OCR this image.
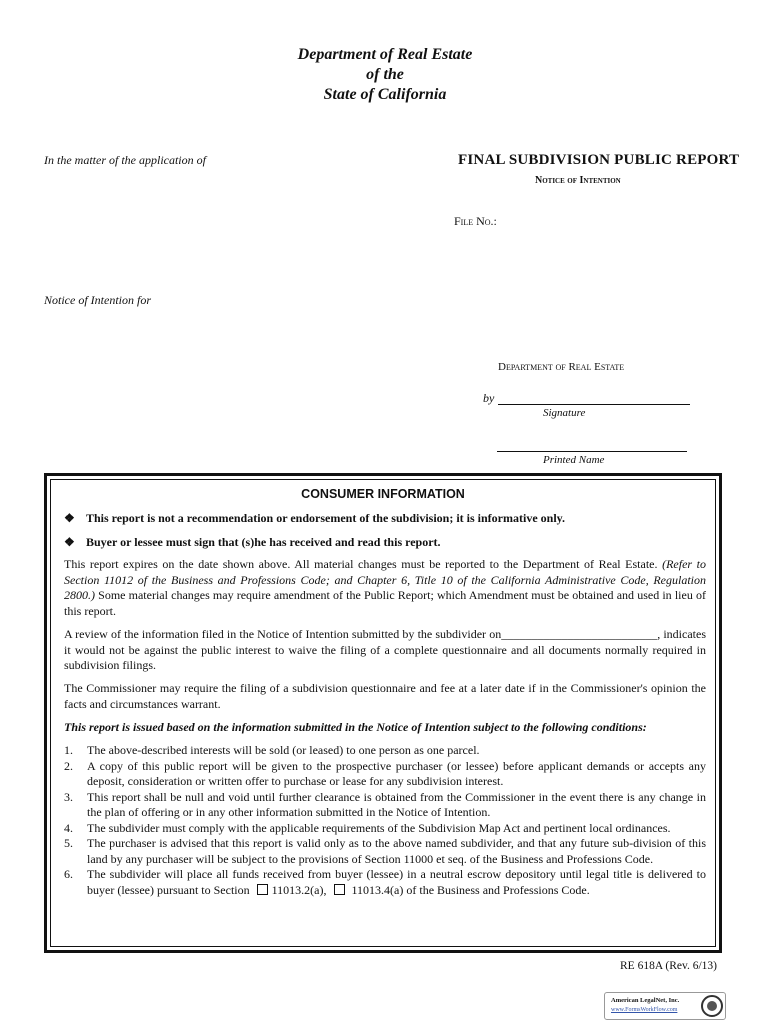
Department of Real Estate
of the
State of California
In the matter of the application of	FINAL SUBDIVISION PUBLIC REPORT
Notice of Intention
File No.:
Notice of Intention for
Department of Real Estate
by
Signature
Printed Name
CONSUMER INFORMATION
❖ This report is not a recommendation or endorsement of the subdivision; it is informative only.
❖ Buyer or lessee must sign that (s)he has received and read this report.
This report expires on the date shown above. All material changes must be reported to the Department of Real Estate. (Refer to Section 11012 of the Business and Professions Code; and Chapter 6, Title 10 of the California Administrative Code, Regulation 2800.) Some material changes may require amendment of the Public Report; which Amendment must be obtained and used in lieu of this report.
A review of the information filed in the Notice of Intention submitted by the subdivider on__________________________, indicates it would not be against the public interest to waive the filing of a complete questionnaire and all documents normally required in subdivision filings.
The Commissioner may require the filing of a subdivision questionnaire and fee at a later date if in the Commissioner's opinion the facts and circumstances warrant.
This report is issued based on the information submitted in the Notice of Intention subject to the following conditions:
1. The above-described interests will be sold (or leased) to one person as one parcel.
2. A copy of this public report will be given to the prospective purchaser (or lessee) before applicant demands or accepts any deposit, consideration or written offer to purchase or lease for any subdivision interest.
3. This report shall be null and void until further clearance is obtained from the Commissioner in the event there is any change in the plan of offering or in any other information submitted in the Notice of Intention.
4. The subdivider must comply with the applicable requirements of the Subdivision Map Act and pertinent local ordinances.
5. The purchaser is advised that this report is valid only as to the above named subdivider, and that any future sub-division of this land by any purchaser will be subject to the provisions of Section 11000 et seq. of the Business and Professions Code.
6. The subdivider will place all funds received from buyer (lessee) in a neutral escrow depository until legal title is delivered to buyer (lessee) pursuant to Section 11013.2(a), 11013.4(a) of the Business and Professions Code.
RE 618A (Rev. 6/13)
American LegalNet, Inc.
www.FormsWorkFlow.com
